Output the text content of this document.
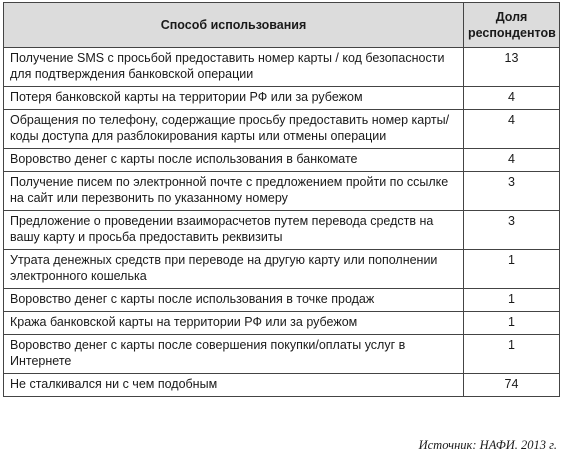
Способ использования	Доля респондентов
Получение SMS с просьбой предоставить номер карты / код безопасности для подтверждения банковской операции	13
Потеря банковской карты на территории РФ или за рубежом	4
Обращения по телефону, содержащие просьбу предоставить номер карты/коды доступа для разблокирования карты или отмены операции	4
Воровство денег с карты после использования в банкомате	4
Получение писем по электронной почте с предложением пройти по ссылке на сайт или перезвонить по указанному номеру	3
Предложение о проведении взаиморасчетов путем перевода средств на вашу карту и просьба предоставить реквизиты	3
Утрата денежных средств при переводе на другую карту или пополнении электронного кошелька	1
Воровство денег с карты после использования в точке продаж	1
Кража банковской карты на территории РФ или за рубежом	1
Воровство денег с карты после совершения покупки/оплаты услуг в Интернете	1
Не сталкивался ни с чем подобным	74
Источник: НАФИ. 2013 г.
